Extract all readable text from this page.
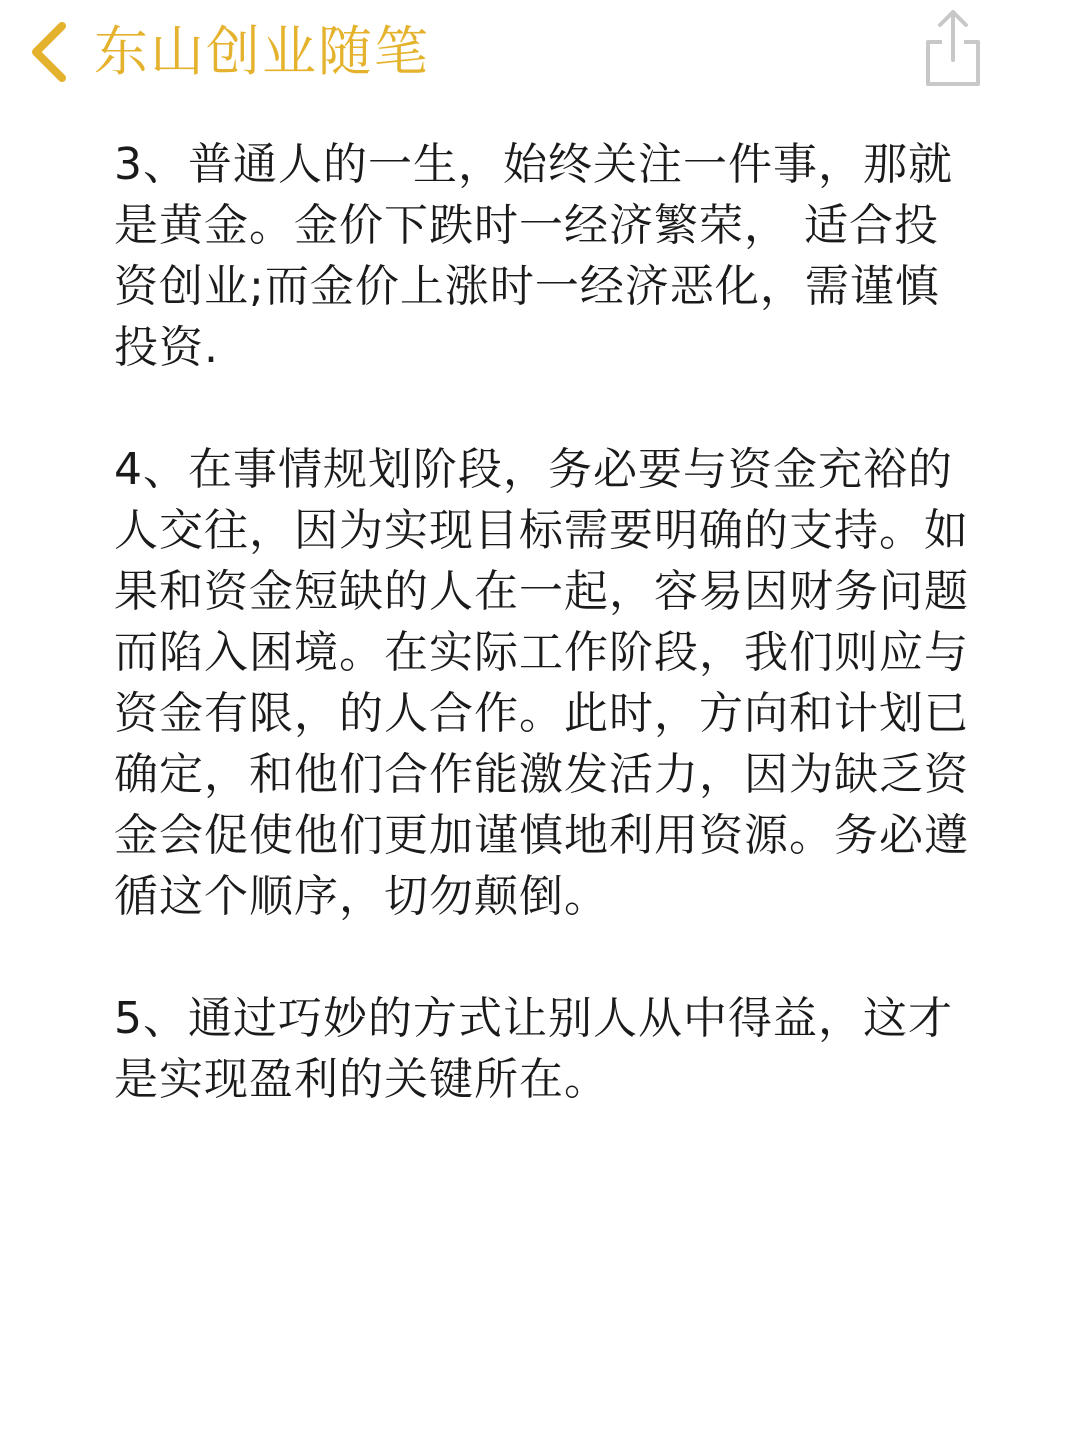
东山创业随笔

3、普通人的一生，始终关注一件事，那就是黄金。金价下跌时一经济繁荣， 适合投资创业;而金价上涨时一经济恶化，需谨慎投资.

4、在事情规划阶段，务必要与资金充裕的人交往，因为实现目标需要明确的支持。如果和资金短缺的人在一起，容易因财务问题而陷入困境。在实际工作阶段，我们则应与资金有限，的人合作。此时，方向和计划已确定，和他们合作能激发活力，因为缺乏资金会促使他们更加谨慎地利用资源。务必遵循这个顺序，切勿颠倒。

5、通过巧妙的方式让别人从中得益，这才是实现盈利的关键所在。
